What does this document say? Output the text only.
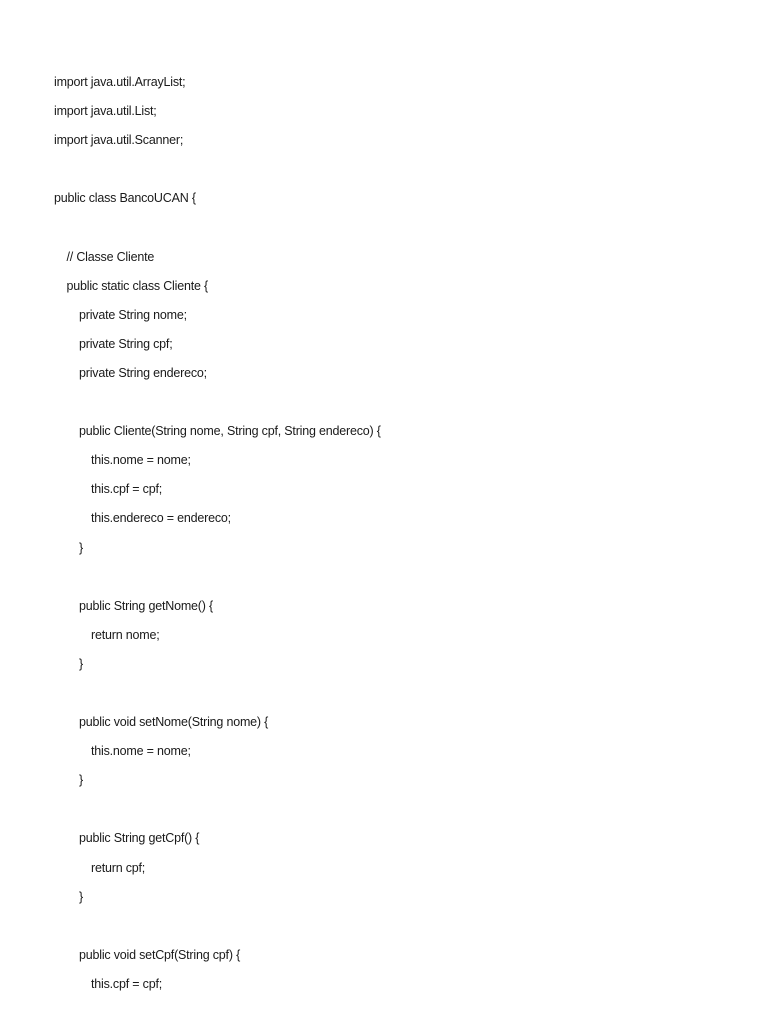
import java.util.ArrayList;
import java.util.List;
import java.util.Scanner;
public class BancoUCAN {
// Classe Cliente
public static class Cliente {
private String nome;
private String cpf;
private String endereco;
public Cliente(String nome, String cpf, String endereco) {
this.nome = nome;
this.cpf = cpf;
this.endereco = endereco;
}
public String getNome() {
return nome;
}
public void setNome(String nome) {
this.nome = nome;
}
public String getCpf() {
return cpf;
}
public void setCpf(String cpf) {
this.cpf = cpf;
